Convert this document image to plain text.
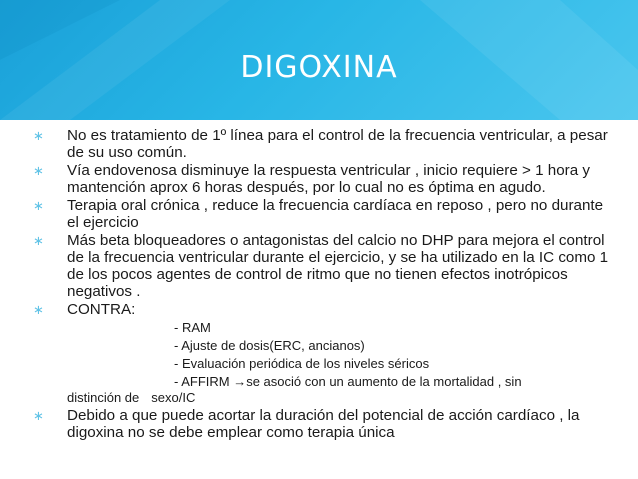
DIGOXINA
∗ No es tratamiento de 1º línea para el control de la frecuencia ventricular, a pesar de su uso común.
∗ Vía endovenosa disminuye la respuesta ventricular , inicio requiere > 1 hora y mantención aprox 6 horas después, por lo cual no es óptima en agudo.
∗ Terapia oral crónica , reduce la frecuencia cardíaca en reposo , pero no durante el ejercicio
∗ Más beta bloqueadores o antagonistas del calcio no DHP para mejora el control de la frecuencia ventricular durante el ejercicio, y se ha utilizado en la IC como 1 de los pocos agentes de control de ritmo que no tienen efectos inotrópicos negativos .
∗ CONTRA:
- RAM
- Ajuste de dosis(ERC, ancianos)
- Evaluación periódica de los niveles séricos
- AFFIRM →se asoció con un aumento de la mortalidad , sin
distinción de sexo/IC
∗ Debido a que puede acortar la duración del potencial de acción cardíaco , la digoxina no se debe emplear como terapia única
